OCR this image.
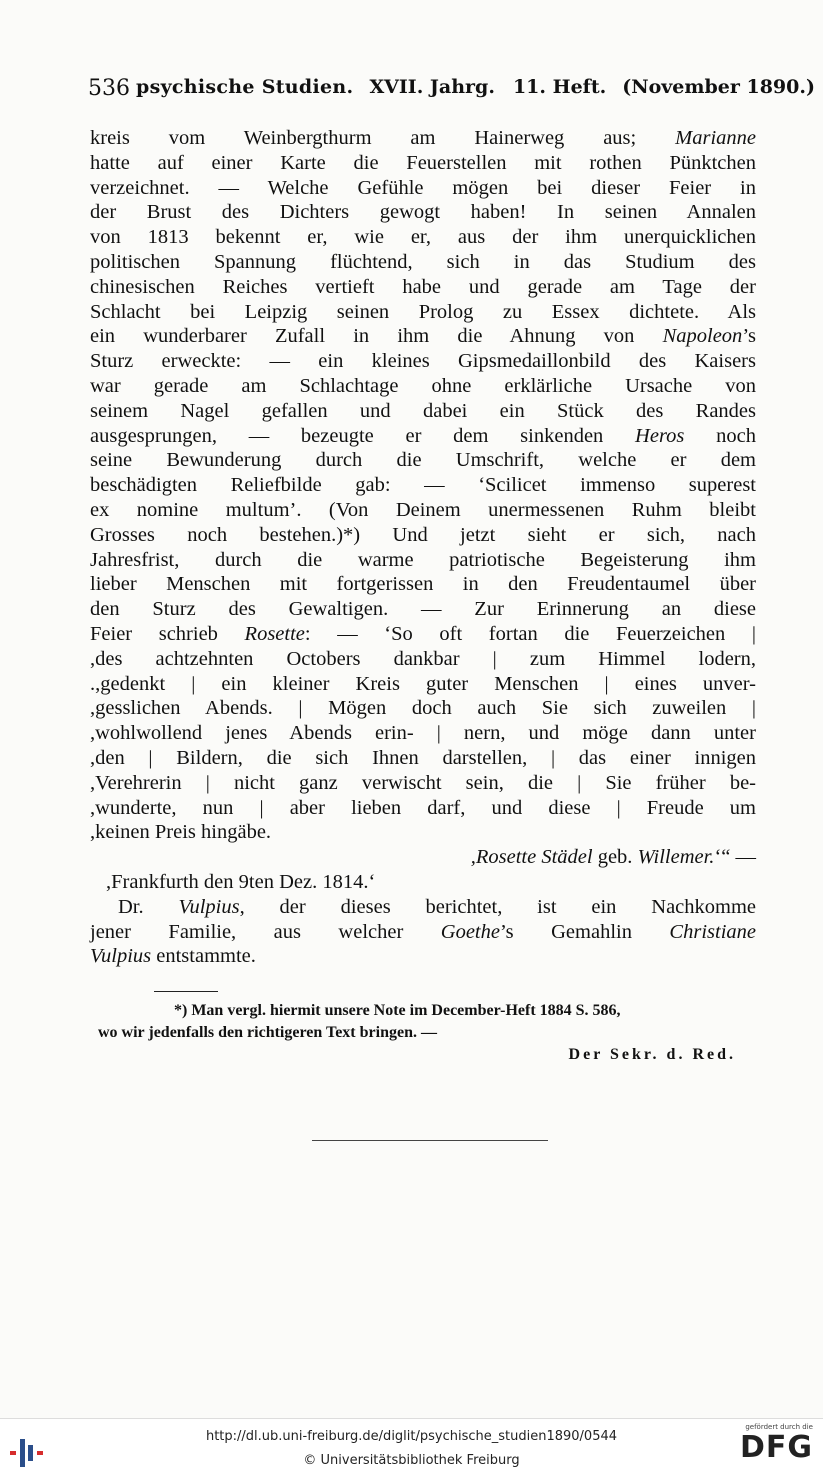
536 psychische Studien. XVII. Jahrg. 11. Heft. (November 1890.)
kreis vom Weinbergthurm am Hainerweg aus; Marianne
hatte auf einer Karte die Feuerstellen mit rothen Pünktchen
verzeichnet. — Welche Gefühle mögen bei dieser Feier in
der Brust des Dichters gewogt haben! In seinen Annalen
von 1813 bekennt er, wie er, aus der ihm unerquicklichen
politischen Spannung flüchtend, sich in das Studium des
chinesischen Reiches vertieft habe und gerade am Tage der
Schlacht bei Leipzig seinen Prolog zu Essex dichtete. Als
ein wunderbarer Zufall in ihm die Ahnung von Napoleon’s
Sturz erweckte: — ein kleines Gipsmedaillonbild des Kaisers
war gerade am Schlachtage ohne erklärliche Ursache von
seinem Nagel gefallen und dabei ein Stück des Randes
ausgesprungen, — bezeugte er dem sinkenden Heros noch
seine Bewunderung durch die Umschrift, welche er dem
beschädigten Reliefbilde gab: — ‘Scilicet immenso superest
ex nomine multum’. (Von Deinem unermessenen Ruhm bleibt
Grosses noch bestehen.)*) Und jetzt sieht er sich, nach
Jahresfrist, durch die warme patriotische Begeisterung ihm
lieber Menschen mit fortgerissen in den Freudentaumel über
den Sturz des Gewaltigen. — Zur Erinnerung an diese
Feier schrieb Rosette: — ‘So oft fortan die Feuerzeichen |
,des achtzehnten Octobers dankbar | zum Himmel lodern,
.,gedenkt | ein kleiner Kreis guter Menschen | eines unver-
,gesslichen Abends. | Mögen doch auch Sie sich zuweilen |
,wohlwollend jenes Abends erin- | nern, und möge dann unter
,den | Bildern, die sich Ihnen darstellen, | das einer innigen
,Verehrerin | nicht ganz verwischt sein, die | Sie früher be-
,wunderte, nun | aber lieben darf, und diese | Freude um
,keinen Preis hingäbe.
,Rosette Städel geb. Willemer.‘“ —
,Frankfurth den 9ten Dez. 1814.‘
Dr. Vulpius, der dieses berichtet, ist ein Nachkomme
jener Familie, aus welcher Goethe’s Gemahlin Christiane
Vulpius entstammte.
*) Man vergl. hiermit unsere Note im December-Heft 1884 S. 586,
wo wir jedenfalls den richtigeren Text bringen. —
Der Sekr. d. Red.
http://dl.ub.uni-freiburg.de/diglit/psychische_studien1890/0544
© Universitätsbibliothek Freiburg
gefördert durch die
DFG
